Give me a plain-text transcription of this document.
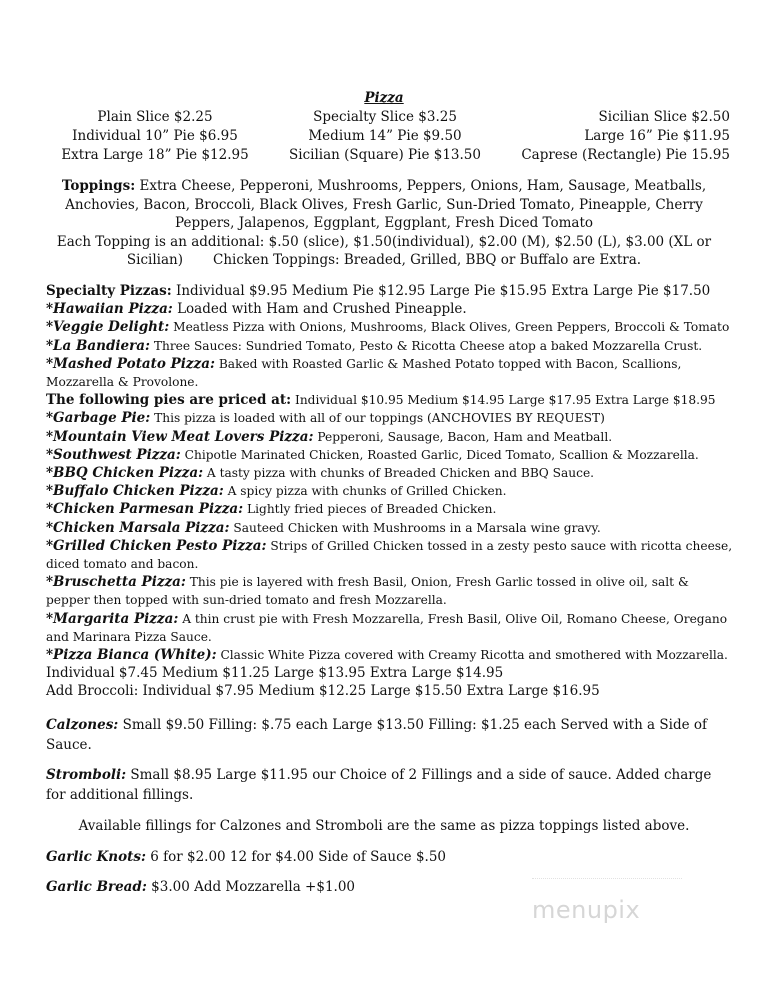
Pizza
Plain Slice $2.25	Specialty Slice $3.25	Sicilian Slice $2.50
Individual 10” Pie $6.95	Medium 14” Pie $9.50	Large 16” Pie $11.95
Extra Large 18” Pie $12.95	Sicilian (Square) Pie $13.50	Caprese (Rectangle) Pie 15.95
Toppings: Extra Cheese, Pepperoni, Mushrooms, Peppers, Onions, Ham, Sausage, Meatballs, Anchovies, Bacon, Broccoli, Black Olives, Fresh Garlic, Sun-Dried Tomato, Pineapple, Cherry Peppers, Jalapenos, Eggplant, Eggplant, Fresh Diced Tomato
Each Topping is an additional: $.50 (slice), $1.50(individual), $2.00 (M), $2.50 (L), $3.00 (XL or Sicilian) Chicken Toppings: Breaded, Grilled, BBQ or Buffalo are Extra.
Specialty Pizzas: Individual $9.95 Medium Pie $12.95 Large Pie $15.95 Extra Large Pie $17.50
*Hawaiian Pizza: Loaded with Ham and Crushed Pineapple.
*Veggie Delight: Meatless Pizza with Onions, Mushrooms, Black Olives, Green Peppers, Broccoli & Tomato
*La Bandiera: Three Sauces: Sundried Tomato, Pesto & Ricotta Cheese atop a baked Mozzarella Crust.
*Mashed Potato Pizza: Baked with Roasted Garlic & Mashed Potato topped with Bacon, Scallions, Mozzarella & Provolone.
The following pies are priced at: Individual $10.95 Medium $14.95 Large $17.95 Extra Large $18.95
*Garbage Pie: This pizza is loaded with all of our toppings (ANCHOVIES BY REQUEST)
*Mountain View Meat Lovers Pizza: Pepperoni, Sausage, Bacon, Ham and Meatball.
*Southwest Pizza: Chipotle Marinated Chicken, Roasted Garlic, Diced Tomato, Scallion & Mozzarella.
*BBQ Chicken Pizza: A tasty pizza with chunks of Breaded Chicken and BBQ Sauce.
*Buffalo Chicken Pizza: A spicy pizza with chunks of Grilled Chicken.
*Chicken Parmesan Pizza: Lightly fried pieces of Breaded Chicken.
*Chicken Marsala Pizza: Sauteed Chicken with Mushrooms in a Marsala wine gravy.
*Grilled Chicken Pesto Pizza: Strips of Grilled Chicken tossed in a zesty pesto sauce with ricotta cheese, diced tomato and bacon.
*Bruschetta Pizza: This pie is layered with fresh Basil, Onion, Fresh Garlic tossed in olive oil, salt & pepper then topped with sun-dried tomato and fresh Mozzarella.
*Margarita Pizza: A thin crust pie with Fresh Mozzarella, Fresh Basil, Olive Oil, Romano Cheese, Oregano and Marinara Pizza Sauce.
*Pizza Bianca (White): Classic White Pizza covered with Creamy Ricotta and smothered with Mozzarella.
Individual $7.45 Medium $11.25 Large $13.95 Extra Large $14.95
Add Broccoli: Individual $7.95 Medium $12.25 Large $15.50 Extra Large $16.95
Calzones: Small $9.50 Filling: $.75 each Large $13.50 Filling: $1.25 each Served with a Side of Sauce.
Stromboli: Small $8.95 Large $11.95 our Choice of 2 Fillings and a side of sauce. Added charge for additional fillings.
Available fillings for Calzones and Stromboli are the same as pizza toppings listed above.
Garlic Knots: 6 for $2.00 12 for $4.00 Side of Sauce $.50
Garlic Bread: $3.00 Add Mozzarella +$1.00
menupix
